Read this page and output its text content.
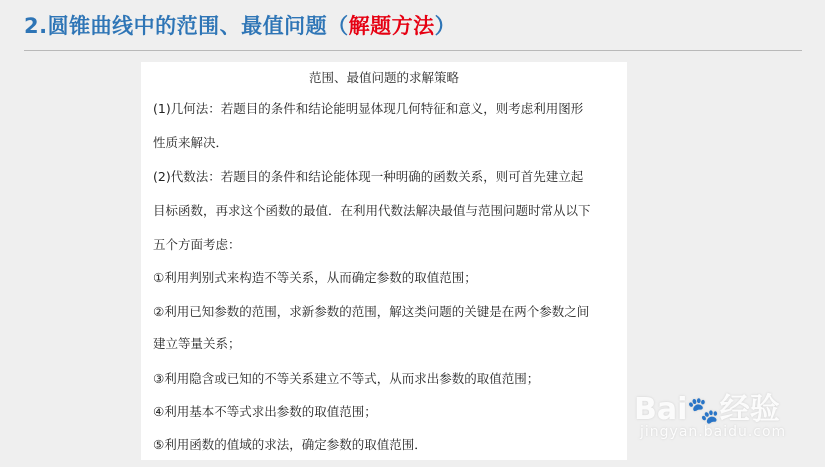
2.圆锥曲线中的范围、最值问题（解题方法）
范围、最值问题的求解策略
(1)几何法：若题目的条件和结论能明显体现几何特征和意义，则考虑利用图形
性质来解决．
(2)代数法：若题目的条件和结论能体现一种明确的函数关系，则可首先建立起
目标函数，再求这个函数的最值．在利用代数法解决最值与范围问题时常从以下
五个方面考虑：
①利用判别式来构造不等关系，从而确定参数的取值范围；
②利用已知参数的范围，求新参数的范围，解这类问题的关键是在两个参数之间
建立等量关系；
③利用隐含或已知的不等关系建立不等式，从而求出参数的取值范围；
④利用基本不等式求出参数的取值范围；
⑤利用函数的值域的求法，确定参数的取值范围．
Bai🐾经验
jingyan.baidu.com
